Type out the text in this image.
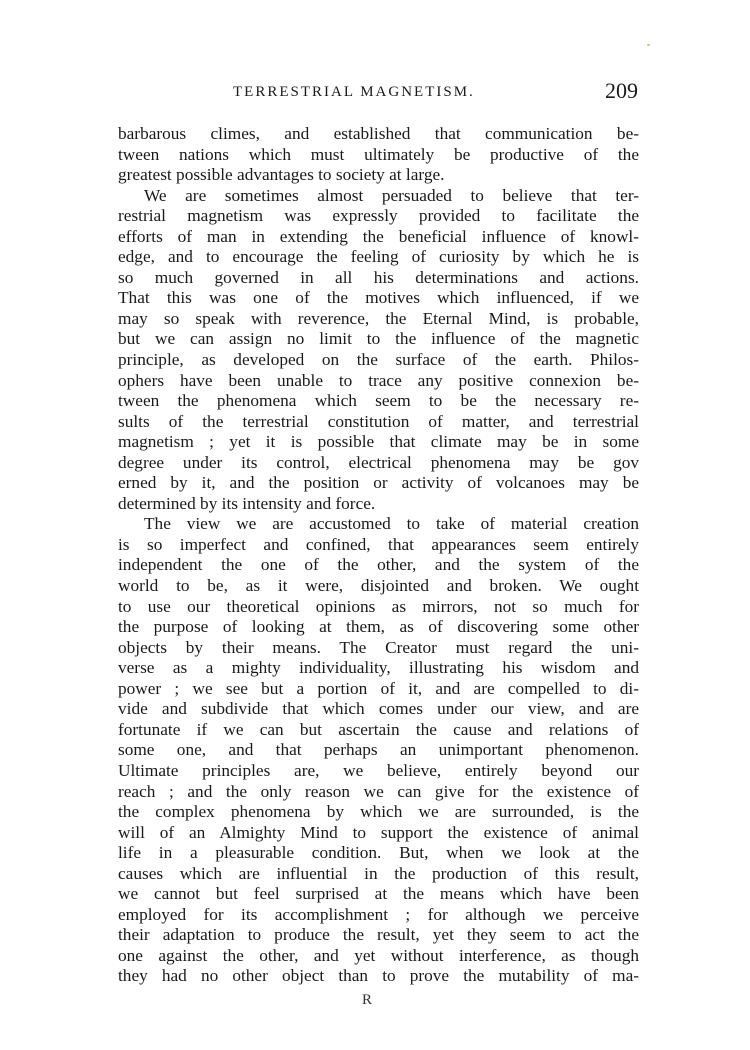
TERRESTRIAL MAGNETISM.	209
barbarous climes, and established that communication be-
tween nations which must ultimately be productive of the
greatest possible advantages to society at large.
We are sometimes almost persuaded to believe that ter-
restrial magnetism was expressly provided to facilitate the
efforts of man in extending the beneficial influence of knowl-
edge, and to encourage the feeling of curiosity by which he is
so much governed in all his determinations and actions.
That this was one of the motives which influenced, if we
may so speak with reverence, the Eternal Mind, is probable,
but we can assign no limit to the influence of the magnetic
principle, as developed on the surface of the earth. Philos-
ophers have been unable to trace any positive connexion be-
tween the phenomena which seem to be the necessary re-
sults of the terrestrial constitution of matter, and terrestrial
magnetism ; yet it is possible that climate may be in some
degree under its control, electrical phenomena may be gov
erned by it, and the position or activity of volcanoes may be
determined by its intensity and force.
The view we are accustomed to take of material creation
is so imperfect and confined, that appearances seem entirely
independent the one of the other, and the system of the
world to be, as it were, disjointed and broken. We ought
to use our theoretical opinions as mirrors, not so much for
the purpose of looking at them, as of discovering some other
objects by their means. The Creator must regard the uni-
verse as a mighty individuality, illustrating his wisdom and
power ; we see but a portion of it, and are compelled to di-
vide and subdivide that which comes under our view, and are
fortunate if we can but ascertain the cause and relations of
some one, and that perhaps an unimportant phenomenon.
Ultimate principles are, we believe, entirely beyond our
reach ; and the only reason we can give for the existence of
the complex phenomena by which we are surrounded, is the
will of an Almighty Mind to support the existence of animal
life in a pleasurable condition. But, when we look at the
causes which are influential in the production of this result,
we cannot but feel surprised at the means which have been
employed for its accomplishment ; for although we perceive
their adaptation to produce the result, yet they seem to act the
one against the other, and yet without interference, as though
they had no other object than to prove the mutability of ma-
R
